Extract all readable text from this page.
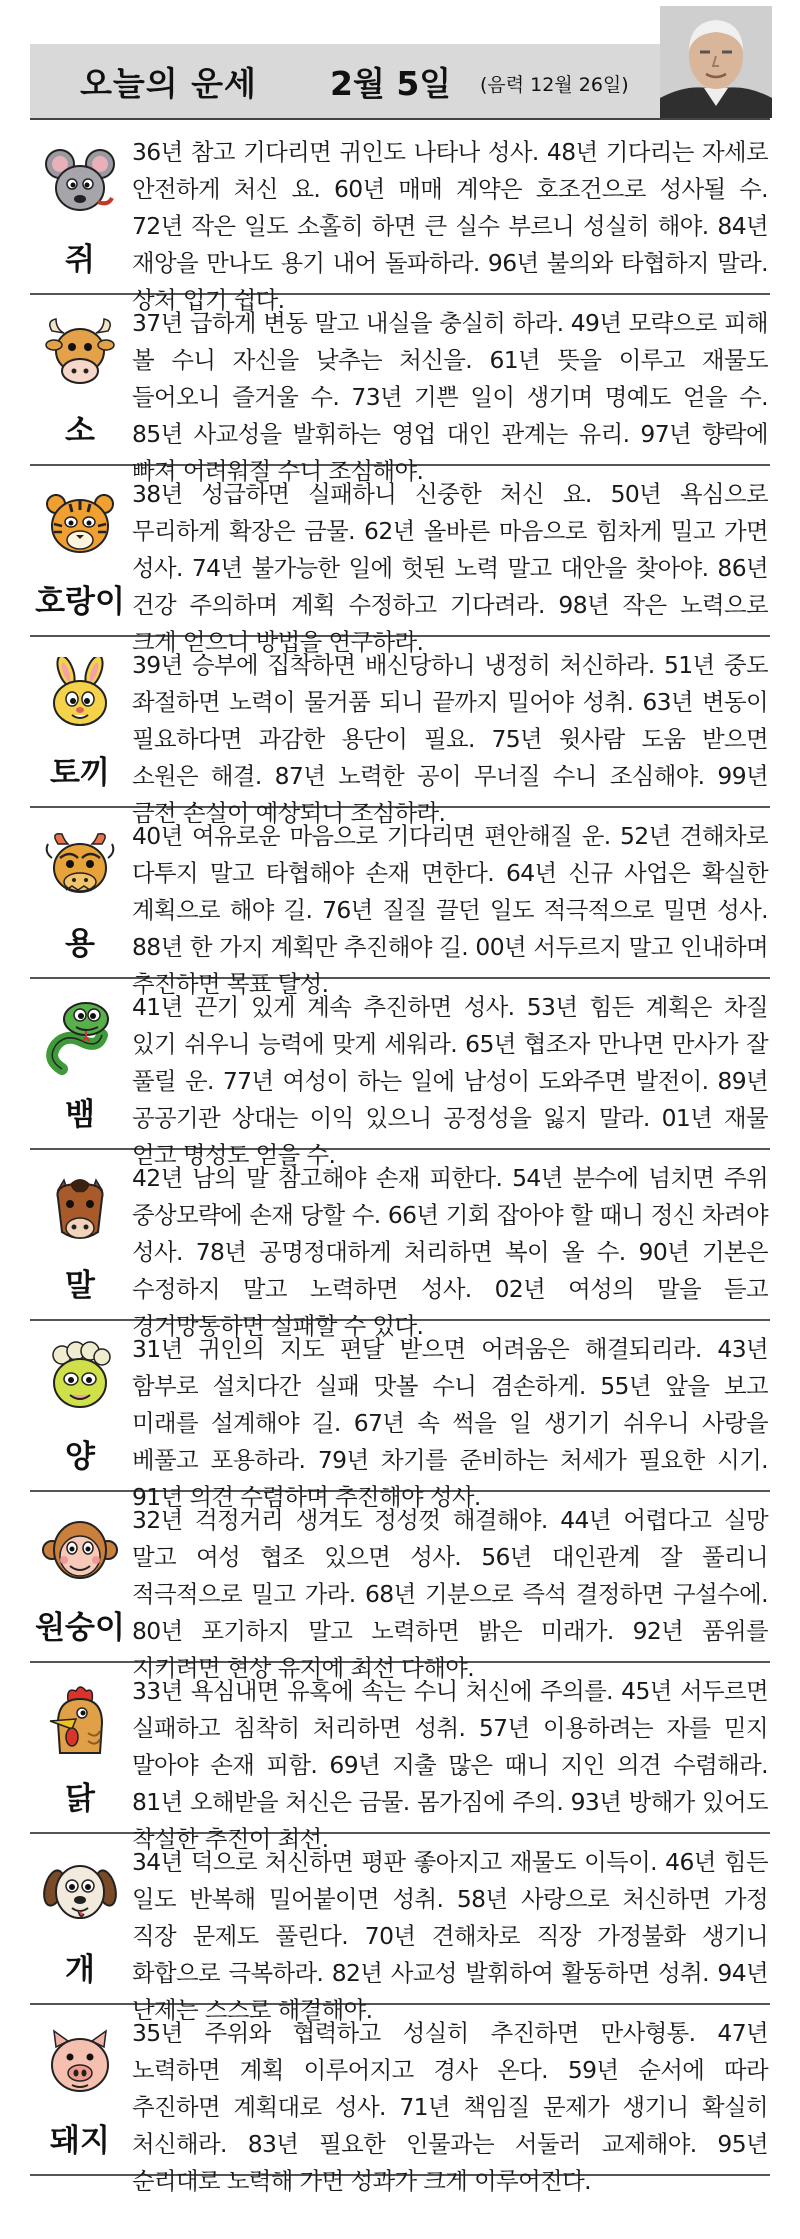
오늘의 운세 2월 5일 (음력 12월 26일)
쥐
36년 참고 기다리면 귀인도 나타나 성사. 48년 기다리는 자세로 안전하게 처신 요. 60년 매매 계약은 호조건으로 성사될 수. 72년 작은 일도 소홀히 하면 큰 실수 부르니 성실히 해야. 84년 재앙을 만나도 용기 내어 돌파하라. 96년 불의와 타협하지 말라. 상처 입기 쉽다.
소
37년 급하게 변동 말고 내실을 충실히 하라. 49년 모략으로 피해 볼 수니 자신을 낮추는 처신을. 61년 뜻을 이루고 재물도 들어오니 즐거울 수. 73년 기쁜 일이 생기며 명예도 얻을 수. 85년 사교성을 발휘하는 영업 대인 관계는 유리. 97년 향락에 빠져 어려워질 수니 조심해야.
호랑이
38년 성급하면 실패하니 신중한 처신 요. 50년 욕심으로 무리하게 확장은 금물. 62년 올바른 마음으로 힘차게 밀고 가면 성사. 74년 불가능한 일에 헛된 노력 말고 대안을 찾아야. 86년 건강 주의하며 계획 수정하고 기다려라. 98년 작은 노력으로 크게 얻으니 방법을 연구하라.
토끼
39년 승부에 집착하면 배신당하니 냉정히 처신하라. 51년 중도 좌절하면 노력이 물거품 되니 끝까지 밀어야 성취. 63년 변동이 필요하다면 과감한 용단이 필요. 75년 윗사람 도움 받으면 소원은 해결. 87년 노력한 공이 무너질 수니 조심해야. 99년 금전 손실이 예상되니 조심하라.
용
40년 여유로운 마음으로 기다리면 편안해질 운. 52년 견해차로 다투지 말고 타협해야 손재 면한다. 64년 신규 사업은 확실한 계획으로 해야 길. 76년 질질 끌던 일도 적극적으로 밀면 성사. 88년 한 가지 계획만 추진해야 길. 00년 서두르지 말고 인내하며 추진하면 목표 달성.
뱀
41년 끈기 있게 계속 추진하면 성사. 53년 힘든 계획은 차질 있기 쉬우니 능력에 맞게 세워라. 65년 협조자 만나면 만사가 잘 풀릴 운. 77년 여성이 하는 일에 남성이 도와주면 발전이. 89년 공공기관 상대는 이익 있으니 공정성을 잃지 말라. 01년 재물 얻고 명성도 얻을 수.
말
42년 남의 말 참고해야 손재 피한다. 54년 분수에 넘치면 주위 중상모략에 손재 당할 수. 66년 기회 잡아야 할 때니 정신 차려야 성사. 78년 공명정대하게 처리하면 복이 올 수. 90년 기본은 수정하지 말고 노력하면 성사. 02년 여성의 말을 듣고 경거망동하면 실패할 수 있다.
양
31년 귀인의 지도 편달 받으면 어려움은 해결되리라. 43년 함부로 설치다간 실패 맛볼 수니 겸손하게. 55년 앞을 보고 미래를 설계해야 길. 67년 속 썩을 일 생기기 쉬우니 사랑을 베풀고 포용하라. 79년 차기를 준비하는 처세가 필요한 시기. 91년 의견 수렴하며 추진해야 성사.
원숭이
32년 걱정거리 생겨도 정성껏 해결해야. 44년 어렵다고 실망 말고 여성 협조 있으면 성사. 56년 대인관계 잘 풀리니 적극적으로 밀고 가라. 68년 기분으로 즉석 결정하면 구설수에. 80년 포기하지 말고 노력하면 밝은 미래가. 92년 품위를 지키려면 현상 유지에 최선 다해야.
닭
33년 욕심내면 유혹에 속는 수니 처신에 주의를. 45년 서두르면 실패하고 침착히 처리하면 성취. 57년 이용하려는 자를 믿지 말아야 손재 피함. 69년 지출 많은 때니 지인 의견 수렴해라. 81년 오해받을 처신은 금물. 몸가짐에 주의. 93년 방해가 있어도 착실한 추진이 최선.
개
34년 덕으로 처신하면 평판 좋아지고 재물도 이득이. 46년 힘든 일도 반복해 밀어붙이면 성취. 58년 사랑으로 처신하면 가정 직장 문제도 풀린다. 70년 견해차로 직장 가정불화 생기니 화합으로 극복하라. 82년 사교성 발휘하여 활동하면 성취. 94년 난제는 스스로 해결해야.
돼지
35년 주위와 협력하고 성실히 추진하면 만사형통. 47년 노력하면 계획 이루어지고 경사 온다. 59년 순서에 따라 추진하면 계획대로 성사. 71년 책임질 문제가 생기니 확실히 처신해라. 83년 필요한 인물과는 서둘러 교제해야. 95년 순리대로 노력해 가면 성과가 크게 이루어진다.
